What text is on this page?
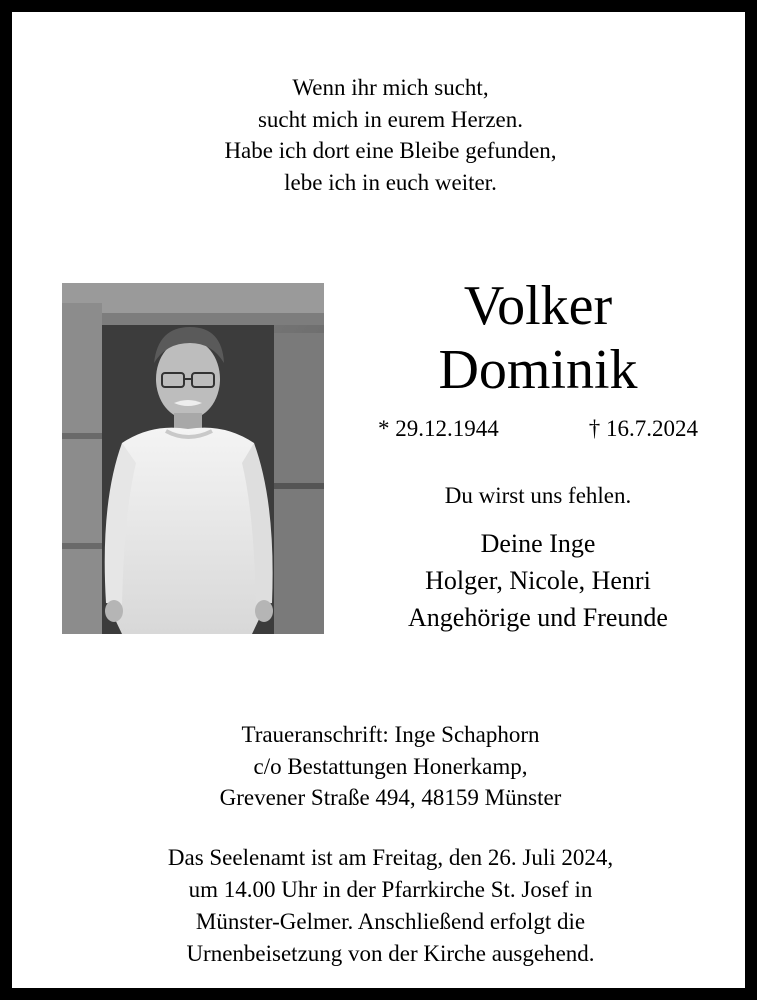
Wenn ihr mich sucht,
sucht mich in eurem Herzen.
Habe ich dort eine Bleibe gefunden,
lebe ich in euch weiter.
Volker
Dominik
* 29.12.1944	† 16.7.2024
Du wirst uns fehlen.
Deine Inge
Holger, Nicole, Henri
Angehörige und Freunde
Traueranschrift: Inge Schaphorn
c/o Bestattungen Honerkamp,
Grevener Straße 494, 48159 Münster
Das Seelenamt ist am Freitag, den 26. Juli 2024,
um 14.00 Uhr in der Pfarrkirche St. Josef in
Münster-Gelmer. Anschließend erfolgt die
Urnenbeisetzung von der Kirche ausgehend.
